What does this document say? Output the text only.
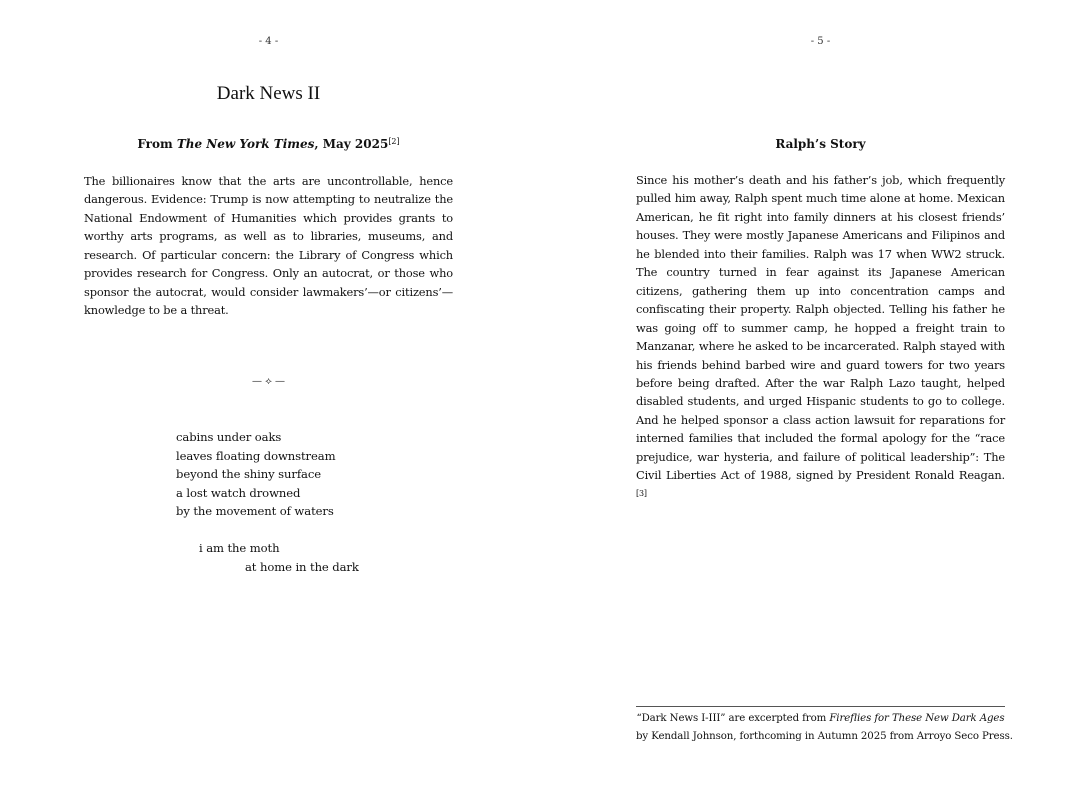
- 4 -
Dark News II
From The New York Times, May 2025[2]

The billionaires know that the arts are uncontrollable, hence dangerous. Evidence: Trump is now attempting to neutralize the National Endowment of Humanities which provides grants to worthy arts programs, as well as to libraries, museums, and research. Of particular concern: the Library of Congress which provides research for Congress. Only an autocrat, or those who sponsor the autocrat, would consider lawmakers’—or citizens’—knowledge to be a threat.

— ⟡ —
cabins under oaks
leaves floating downstream
beyond the shiny surface
a lost watch drowned
by the movement of waters
i am the moth
at home in the dark
- 5 -
Ralph’s Story

Since his mother’s death and his father’s job, which frequently pulled him away, Ralph spent much time alone at home. Mexican American, he fit right into family dinners at his closest friends’ houses. They were mostly Japanese Americans and Filipinos and he blended into their families. Ralph was 17 when WW2 struck. The country turned in fear against its Japanese American citizens, gathering them up into concentration camps and confiscating their property. Ralph objected. Telling his father he was going off to summer camp, he hopped a freight train to Manzanar, where he asked to be incarcerated. Ralph stayed with his friends behind barbed wire and guard towers for two years before being drafted. After the war Ralph Lazo taught, helped disabled students, and urged Hispanic students to go to college. And he helped sponsor a class action lawsuit for reparations for interned families that included the formal apology for the “race prejudice, war hysteria, and failure of political leadership”: The Civil Liberties Act of 1988, signed by President Ronald Reagan.[3]

“Dark News I-III” are excerpted from Fireflies for These New Dark Ages
by Kendall Johnson, forthcoming in Autumn 2025 from Arroyo Seco Press.
